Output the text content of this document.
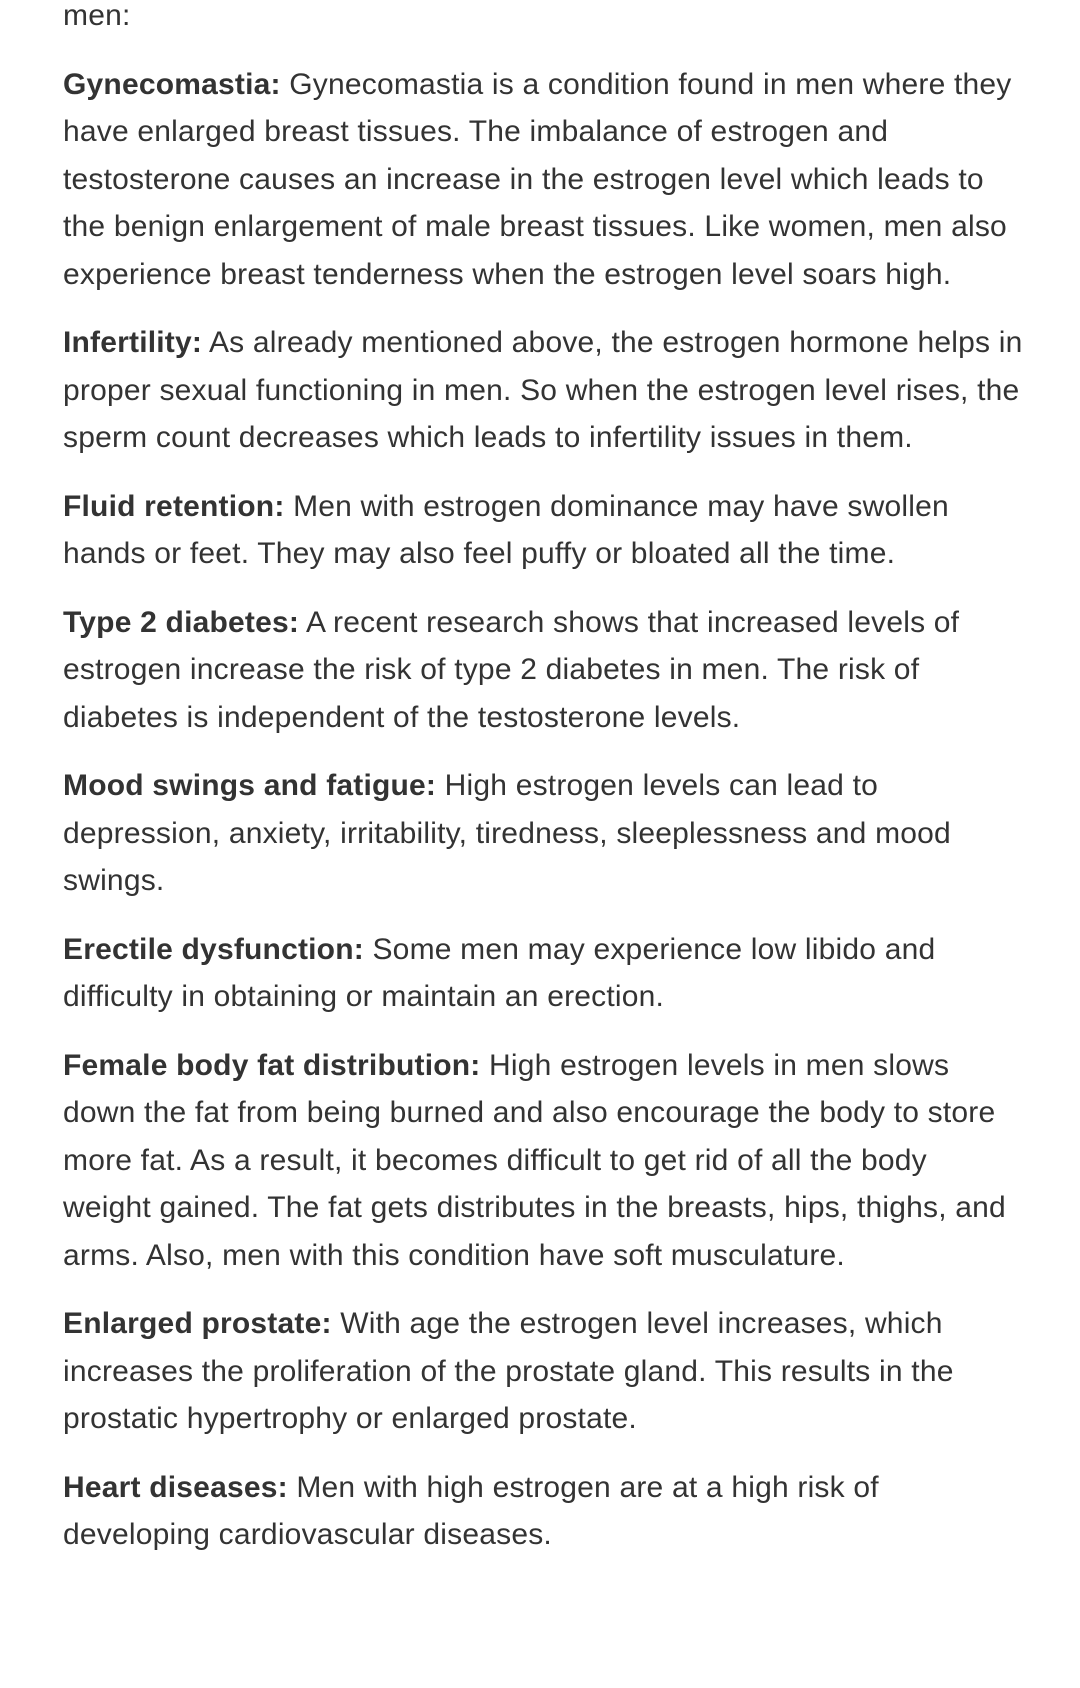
men:

Gynecomastia: Gynecomastia is a condition found in men where they have enlarged breast tissues. The imbalance of estrogen and testosterone causes an increase in the estrogen level which leads to the benign enlargement of male breast tissues. Like women, men also experience breast tenderness when the estrogen level soars high.

Infertility: As already mentioned above, the estrogen hormone helps in proper sexual functioning in men. So when the estrogen level rises, the sperm count decreases which leads to infertility issues in them.

Fluid retention: Men with estrogen dominance may have swollen hands or feet. They may also feel puffy or bloated all the time.

Type 2 diabetes: A recent research shows that increased levels of estrogen increase the risk of type 2 diabetes in men. The risk of diabetes is independent of the testosterone levels.

Mood swings and fatigue: High estrogen levels can lead to depression, anxiety, irritability, tiredness, sleeplessness and mood swings.

Erectile dysfunction: Some men may experience low libido and difficulty in obtaining or maintain an erection.

Female body fat distribution: High estrogen levels in men slows down the fat from being burned and also encourage the body to store more fat. As a result, it becomes difficult to get rid of all the body weight gained. The fat gets distributes in the breasts, hips, thighs, and arms. Also, men with this condition have soft musculature.

Enlarged prostate: With age the estrogen level increases, which increases the proliferation of the prostate gland. This results in the prostatic hypertrophy or enlarged prostate.

Heart diseases: Men with high estrogen are at a high risk of developing cardiovascular diseases.
